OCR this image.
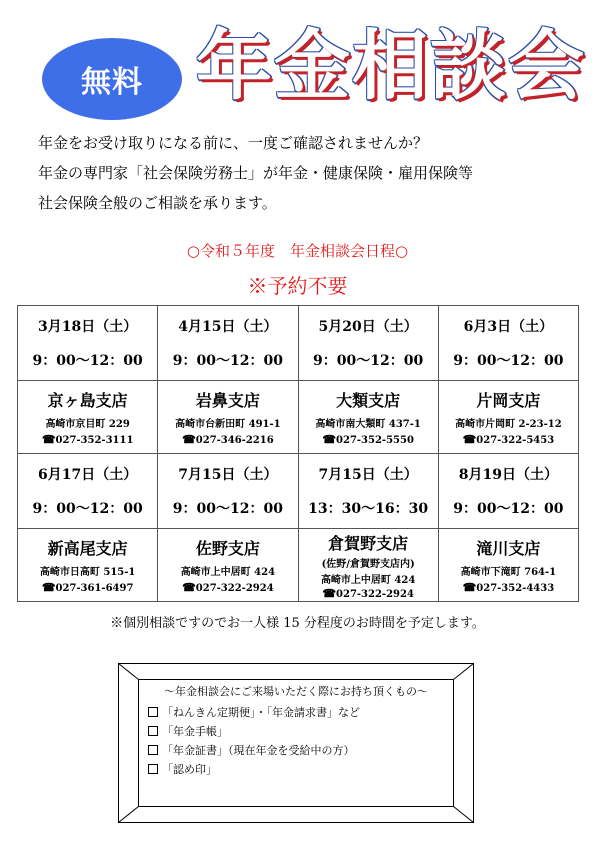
無料 年金相談会

年金をお受け取りになる前に、一度ご確認されませんか？

年金の専門家「社会保険労務士」が年金・健康保険・雇用保険等

社会保険全般のご相談を承ります。

○令和５年度　年金相談会日程○
※予約不要
3月18日（土）
9：00〜12：00	4月15日（土）
9：00〜12：00	5月20日（土）
9：00〜12：00	6月3日（土）
9：00〜12：00

京ヶ島支店
高崎市京目町 229
☎027-352-3111	岩鼻支店
高崎市台新田町 491-1
☎027-346-2216	大類支店
高崎市南大類町 437-1
☎027-352-5550	片岡支店
高崎市片岡町 2-23-12
☎027-322-5453

6月17日（土）
9：00〜12：00	7月15日（土）
9：00〜12：00	7月15日（土）
13：30〜16：30	8月19日（土）
9：00〜12：00

新高尾支店
高崎市日高町 515-1
☎027-361-6497	佐野支店
高崎市上中居町 424
☎027-322-2924	倉賀野支店
(佐野/倉賀野支店内)
高崎市上中居町 424
☎027-322-2924	滝川支店
高崎市下滝町 764-1
☎027-352-4433
※個別相談ですのでお一人様 15 分程度のお時間を予定します。

〜年金相談会にご来場いただく際にお持ち頂くもの〜

「ねんきん定期便」・「年金請求書」など
「年金手帳」
「年金証書」（現在年金を受給中の方）
「認め印」
